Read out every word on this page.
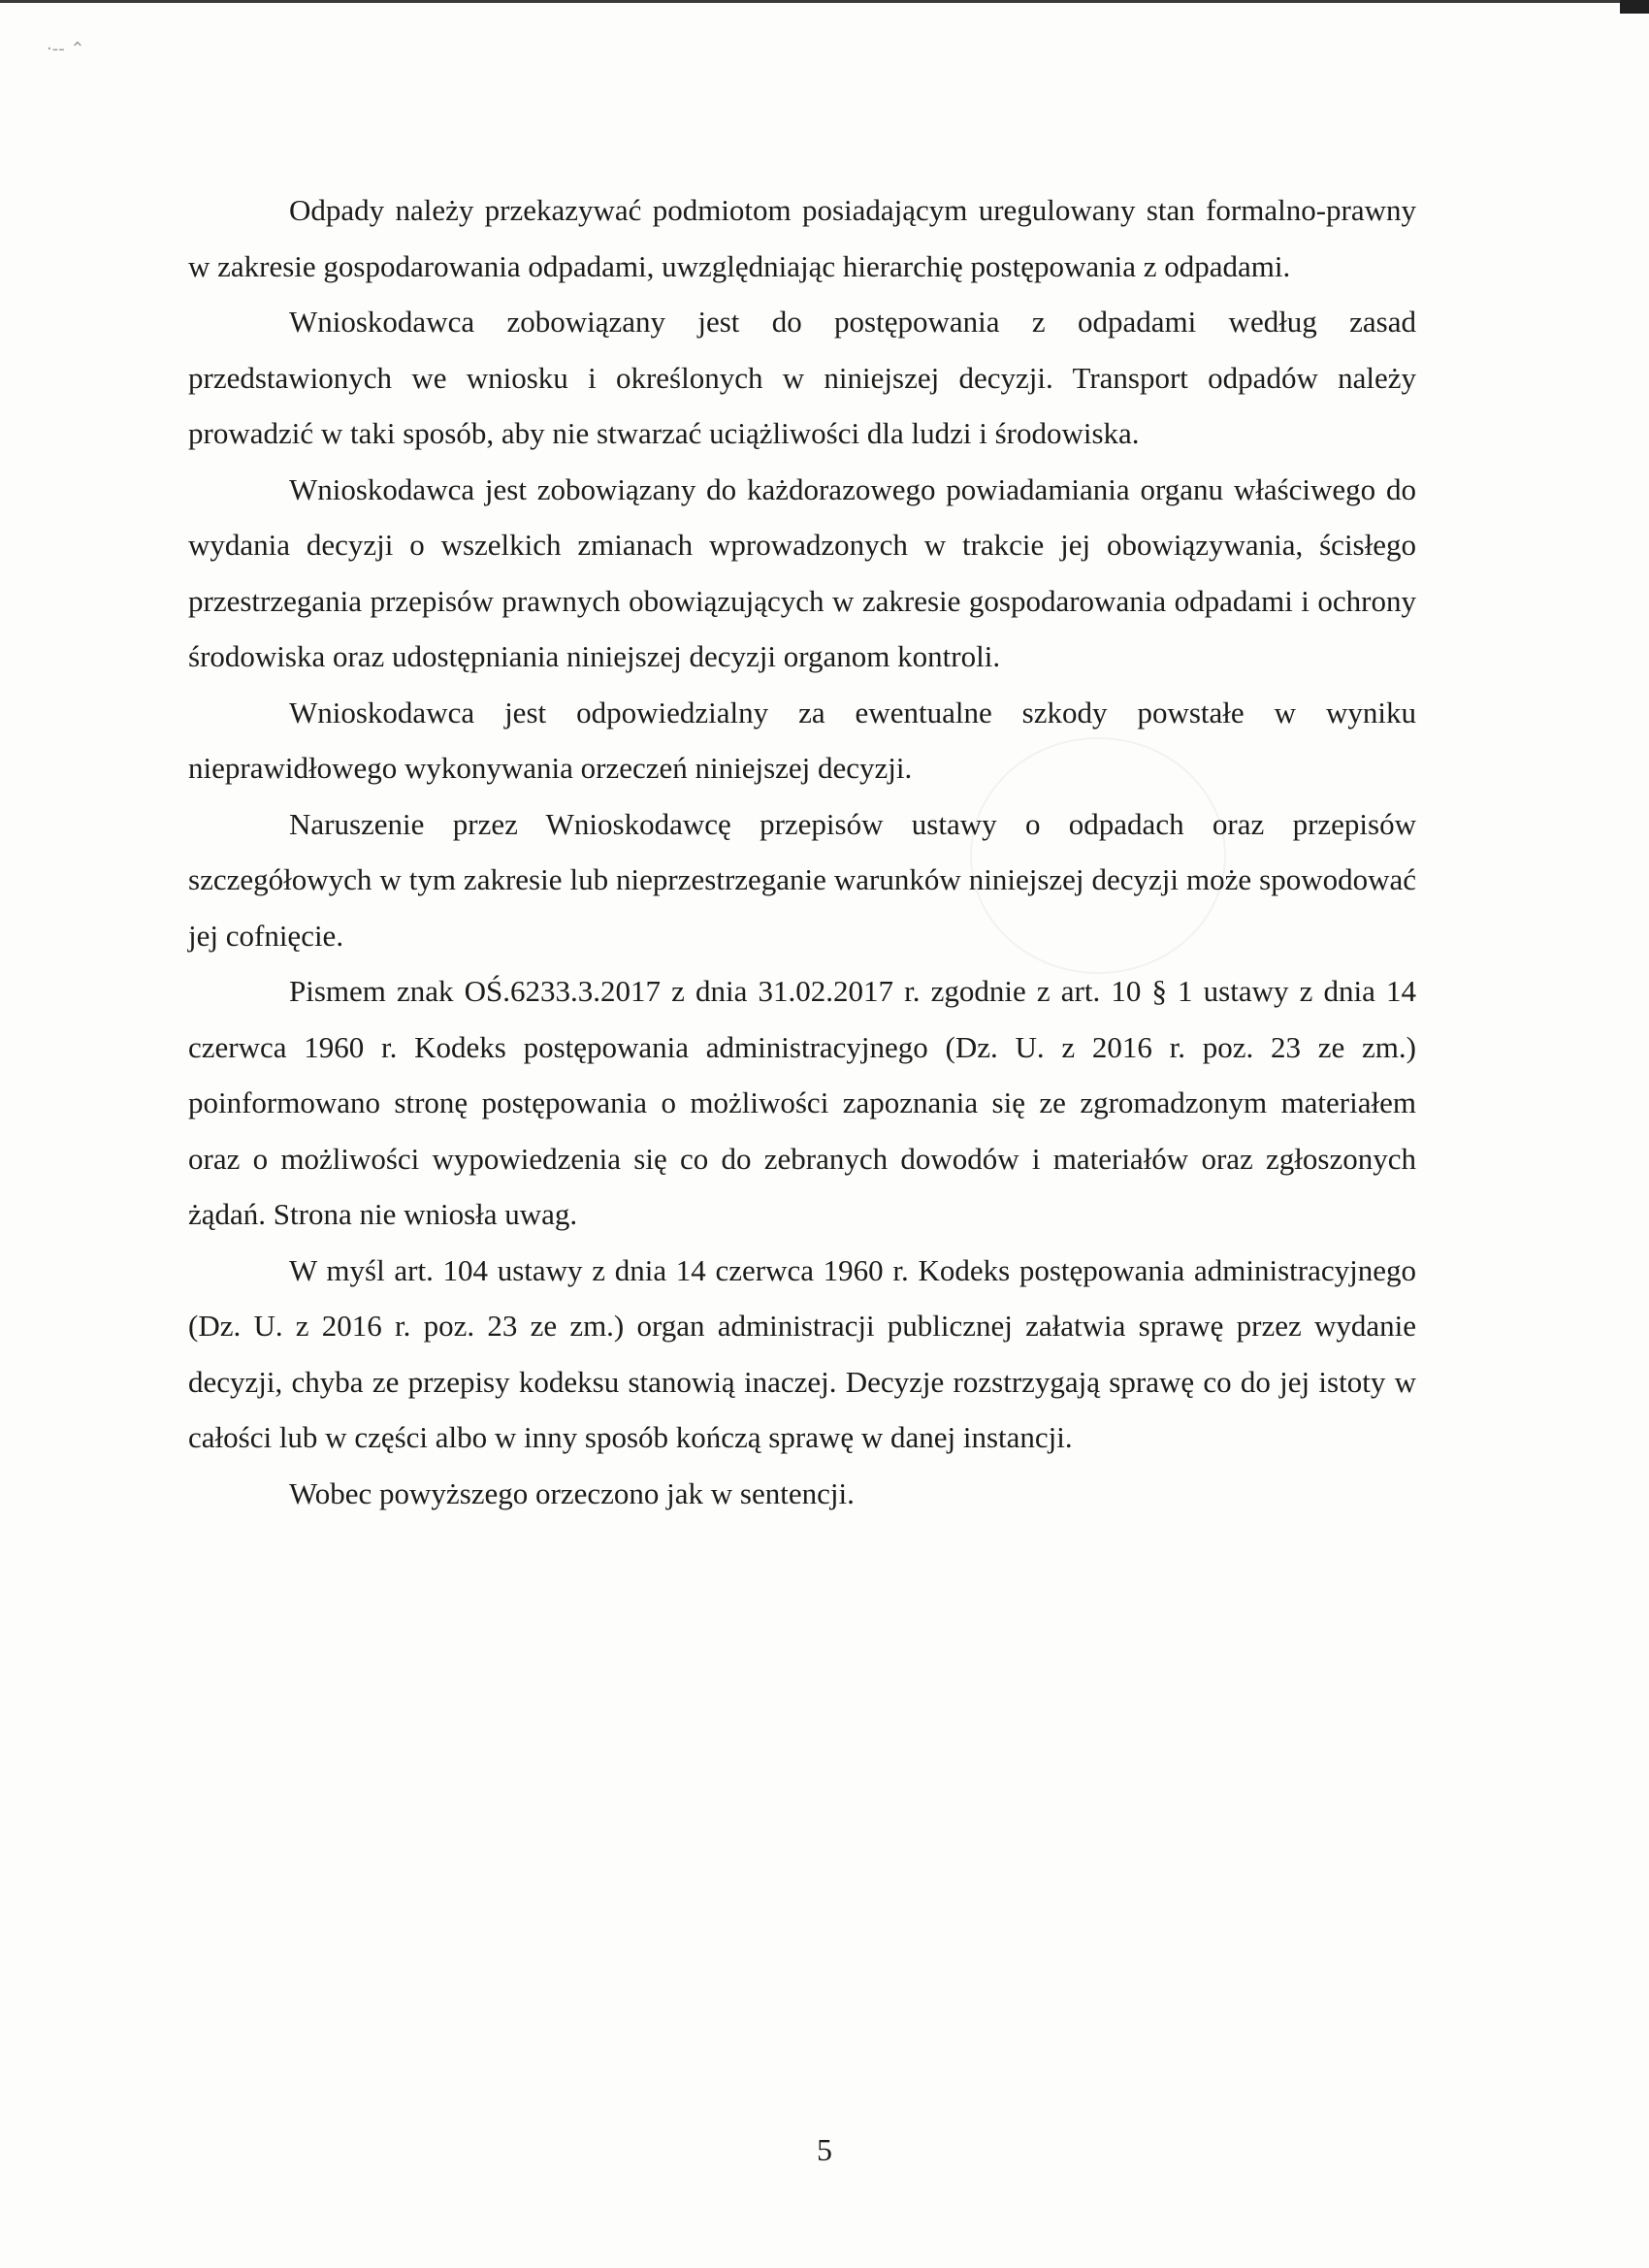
·-‑ ⌃

Odpady należy przekazywać podmiotom posiadającym uregulowany stan formalno-prawny w zakresie gospodarowania odpadami, uwzględniając hierarchię postępowania z odpadami.

Wnioskodawca zobowiązany jest do postępowania z odpadami według zasad przedstawionych we wniosku i określonych w niniejszej decyzji. Transport odpadów należy prowadzić w taki sposób, aby nie stwarzać uciążliwości dla ludzi i środowiska.

Wnioskodawca jest zobowiązany do każdorazowego powiadamiania organu właściwego do wydania decyzji o wszelkich zmianach wprowadzonych w trakcie jej obowiązywania, ścisłego przestrzegania przepisów prawnych obowiązujących w zakresie gospodarowania odpadami i ochrony środowiska oraz udostępniania niniejszej decyzji organom kontroli.

Wnioskodawca jest odpowiedzialny za ewentualne szkody powstałe w wyniku nieprawidłowego wykonywania orzeczeń niniejszej decyzji.

Naruszenie przez Wnioskodawcę przepisów ustawy o odpadach oraz przepisów szczegółowych w tym zakresie lub nieprzestrzeganie warunków niniejszej decyzji może spowodować jej cofnięcie.

Pismem znak OŚ.6233.3.2017 z dnia 31.02.2017 r. zgodnie z art. 10 § 1 ustawy z dnia 14 czerwca 1960 r. Kodeks postępowania administracyjnego (Dz. U. z 2016 r. poz. 23 ze zm.) poinformowano stronę postępowania o możliwości zapoznania się ze zgromadzonym materiałem oraz o możliwości wypowiedzenia się co do zebranych dowodów i materiałów oraz zgłoszonych żądań. Strona nie wniosła uwag.

W myśl art. 104 ustawy z dnia 14 czerwca 1960 r. Kodeks postępowania administracyjnego (Dz. U. z 2016 r. poz. 23 ze zm.) organ administracji publicznej załatwia sprawę przez wydanie decyzji, chyba ze przepisy kodeksu stanowią inaczej. Decyzje rozstrzygają sprawę co do jej istoty w całości lub w części albo w inny sposób kończą sprawę w danej instancji.

Wobec powyższego orzeczono jak w sentencji.

5
